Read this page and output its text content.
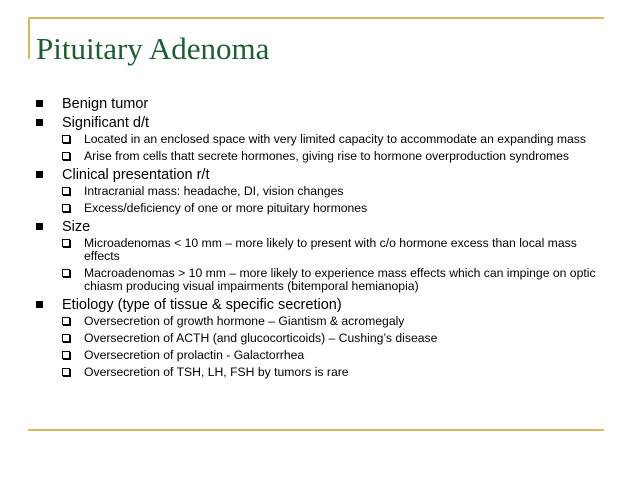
Pituitary Adenoma
Benign tumor
Significant d/t
Located in an enclosed space with very limited capacity to accommodate an expanding mass
Arise from cells thatt secrete hormones, giving rise to hormone overproduction syndromes
Clinical presentation r/t
Intracranial mass: headache, DI, vision changes
Excess/deficiency of one or more pituitary hormones
Size
Microadenomas < 10 mm – more likely to present with c/o hormone excess than local mass effects
Macroadenomas > 10 mm – more likely to experience mass effects which can impinge on optic chiasm producing visual impairments (bitemporal hemianopia)
Etiology (type of tissue & specific secretion)
Oversecretion of growth hormone – Giantism & acromegaly
Oversecretion of ACTH (and glucocorticoids) – Cushing’s disease
Oversecretion of prolactin - Galactorrhea
Oversecretion of TSH, LH, FSH by tumors is rare
